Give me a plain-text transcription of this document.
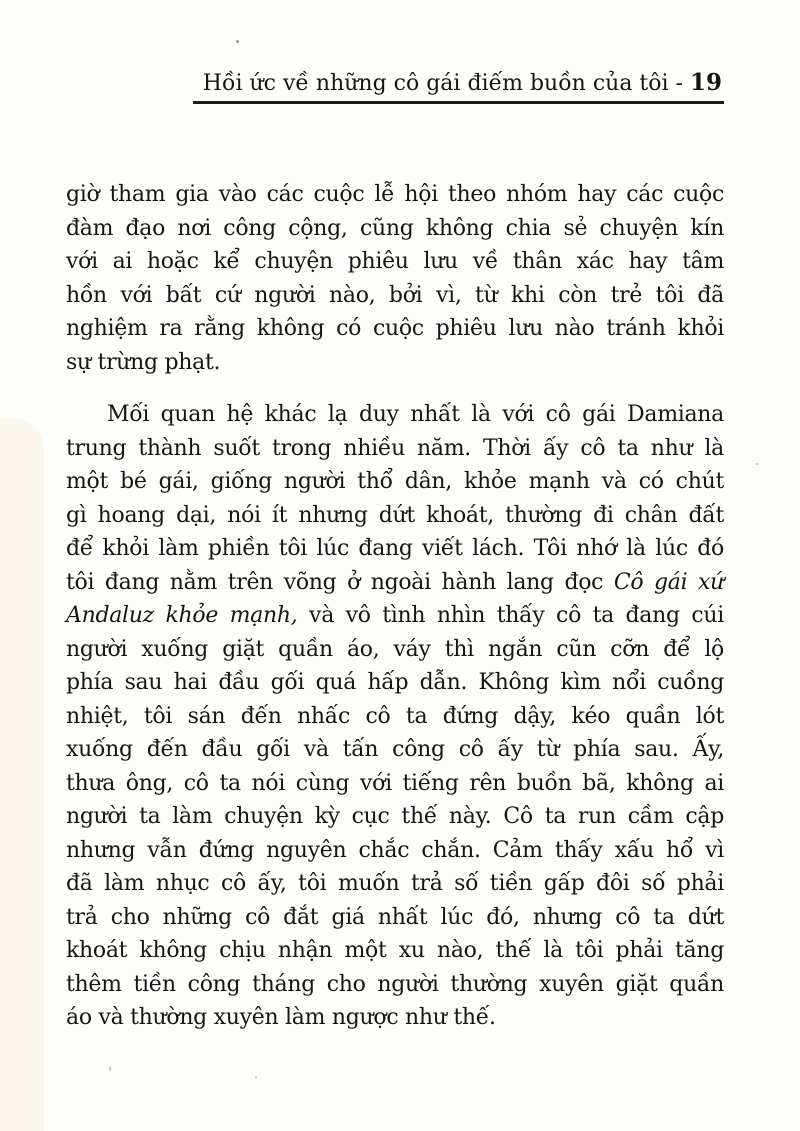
Hồi ức về những cô gái điếm buồn của tôi - 19
giờ tham gia vào các cuộc lễ hội theo nhóm hay các cuộc
đàm đạo nơi công cộng, cũng không chia sẻ chuyện kín
với ai hoặc kể chuyện phiêu lưu về thân xác hay tâm
hồn với bất cứ người nào, bởi vì, từ khi còn trẻ tôi đã
nghiệm ra rằng không có cuộc phiêu lưu nào tránh khỏi
sự trừng phạt.
Mối quan hệ khác lạ duy nhất là với cô gái Damiana
trung thành suốt trong nhiều năm. Thời ấy cô ta như là
một bé gái, giống người thổ dân, khỏe mạnh và có chút
gì hoang dại, nói ít nhưng dứt khoát, thường đi chân đất
để khỏi làm phiền tôi lúc đang viết lách. Tôi nhớ là lúc đó
tôi đang nằm trên võng ở ngoài hành lang đọc Cô gái xứ
Andaluz khỏe mạnh, và vô tình nhìn thấy cô ta đang cúi
người xuống giặt quần áo, váy thì ngắn cũn cỡn để lộ
phía sau hai đầu gối quá hấp dẫn. Không kìm nổi cuồng
nhiệt, tôi sán đến nhấc cô ta đứng dậy, kéo quần lót
xuống đến đầu gối và tấn công cô ấy từ phía sau. Ấy,
thưa ông, cô ta nói cùng với tiếng rên buồn bã, không ai
người ta làm chuyện kỳ cục thế này. Cô ta run cầm cập
nhưng vẫn đứng nguyên chắc chắn. Cảm thấy xấu hổ vì
đã làm nhục cô ấy, tôi muốn trả số tiền gấp đôi số phải
trả cho những cô đắt giá nhất lúc đó, nhưng cô ta dứt
khoát không chịu nhận một xu nào, thế là tôi phải tăng
thêm tiền công tháng cho người thường xuyên giặt quần
áo và thường xuyên làm ngược như thế.
